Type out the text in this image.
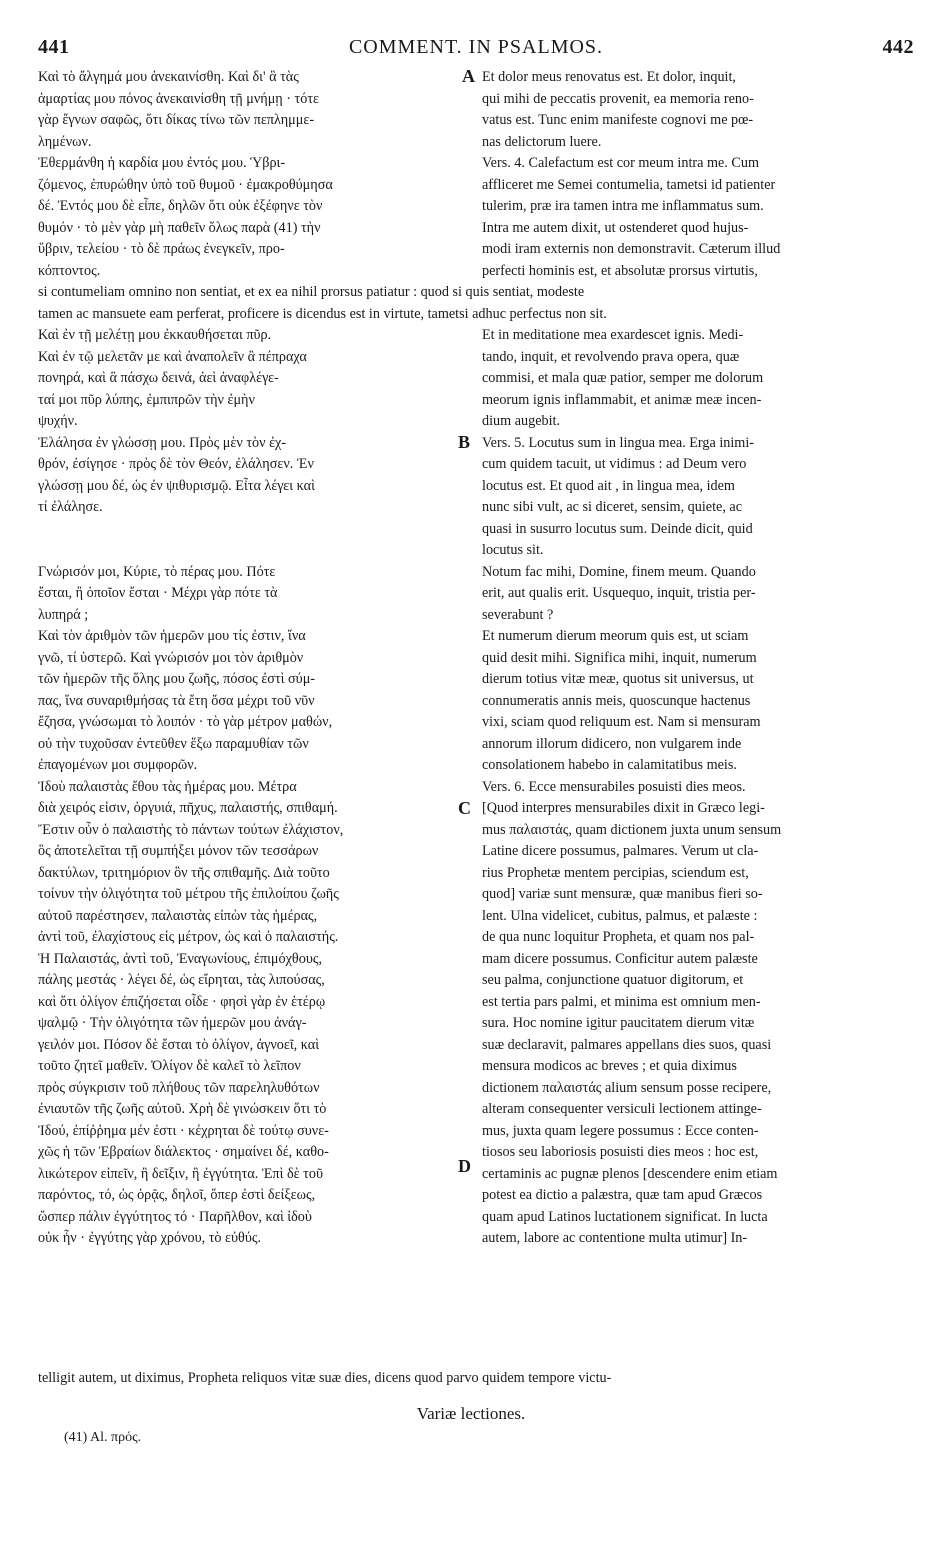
441	COMMENT. IN PSALMOS.	442
A
B
C
D
Καὶ τὸ ἄλγημά μου ἀνεκαινίσθη. Καὶ δι' ἃ τὰς
ἁμαρτίας μου πόνος ἀνεκαινίσθη τῇ μνήμῃ · τότε
γὰρ ἔγνων σαφῶς, ὅτι δίκας τίνω τῶν πεπλημμε-
λημένων.
Ἐθερμάνθη ἡ καρδία μου ἐντός μου. Ὑβρι-
ζόμενος, ἐπυρώθην ὑπὸ τοῦ θυμοῦ · ἐμακροθύμησα
δέ. Ἐντός μου δὲ εἶπε, δηλῶν ὅτι οὐκ ἐξέφηνε τὸν
θυμόν · τὸ μὲν γὰρ μὴ παθεῖν ὅλως παρὰ (41) τὴν
ὕβριν, τελείου · τὸ δὲ πράως ἐνεγκεῖν, προ-
κόπτοντος.
Et dolor meus renovatus est. Et dolor, inquit,
qui mihi de peccatis provenit, ea memoria reno-
vatus est. Tunc enim manifeste cognovi me pœ-
nas delictorum luere.
Vers. 4. Calefactum est cor meum intra me. Cum
affliceret me Semei contumelia, tametsi id patienter
tulerim, præ ira tamen intra me inflammatus sum.
Intra me autem dixit, ut ostenderet quod hujus-
modi iram externis non demonstravit. Cæterum illud
perfecti hominis est, et absolutæ prorsus virtutis,
si contumeliam omnino non sentiat, et ex ea nihil prorsus patiatur : quod si quis sentiat, modeste
tamen ac mansuete eam perferat, proficere is dicendus est in virtute, tametsi adhuc perfectus non sit.
Καὶ ἐν τῇ μελέτῃ μου ἐκκαυθήσεται πῦρ.
Καὶ ἐν τῷ μελετᾶν με καὶ ἀναπολεῖν ἃ πέπραχα
πονηρά, καὶ ἃ πάσχω δεινά, ἀεὶ ἀναφλέγε-
ταί μοι πῦρ λύπης, ἐμπιπρῶν τὴν ἐμὴν
ψυχήν.
Ἐλάλησα ἐν γλώσσῃ μου. Πρὸς μὲν τὸν ἐχ-
θρόν, ἐσίγησε · πρὸς δὲ τὸν Θεόν, ἐλάλησεν. Ἐν
γλώσσῃ μου δέ, ὡς ἐν ψιθυρισμῷ. Εἶτα λέγει καὶ
τί ἐλάλησε.
Γνώρισόν μοι, Κύριε, τὸ πέρας μου. Πότε
ἔσται, ἢ ὁποῖον ἔσται · Μέχρι γὰρ πότε τὰ
λυπηρά ;
Καὶ τὸν ἀριθμὸν τῶν ἡμερῶν μου τίς ἐστιν, ἵνα
γνῶ, τί ὑστερῶ. Καὶ γνώρισόν μοι τὸν ἀριθμὸν
τῶν ἡμερῶν τῆς ὅλης μου ζωῆς, πόσος ἐστὶ σύμ-
πας, ἵνα συναριθμήσας τὰ ἔτη ὅσα μέχρι τοῦ νῦν
ἔζησα, γνώσωμαι τὸ λοιπόν · τὸ γὰρ μέτρον μαθών,
οὐ τὴν τυχοῦσαν ἐντεῦθεν ἕξω παραμυθίαν τῶν
ἐπαγομένων μοι συμφορῶν.
Ἰδοὺ παλαιστὰς ἔθου τὰς ἡμέρας μου. Μέτρα
διὰ χειρός εἰσιν, ὀργυιά, πῆχυς, παλαιστής, σπιθαμή.
Ἔστιν οὖν ὁ παλαιστὴς τὸ πάντων τούτων ἐλάχιστον,
ὃς ἀποτελεῖται τῇ συμπήξει μόνον τῶν τεσσάρων
δακτύλων, τριτημόριον ὃν τῆς σπιθαμῆς. Διὰ τοῦτο
τοίνυν τὴν ὀλιγότητα τοῦ μέτρου τῆς ἐπιλοίπου ζωῆς
αὐτοῦ παρέστησεν, παλαιστὰς εἰπὼν τὰς ἡμέρας,
ἀντὶ τοῦ, ἐλαχίστους εἰς μέτρον, ὡς καὶ ὁ παλαιστής.
Ἡ Παλαιστάς, ἀντὶ τοῦ, Ἐναγωνίους, ἐπιμόχθους,
πάλης μεστάς · λέγει δέ, ὡς εἴρηται, τὰς λιπούσας,
καὶ ὅτι ὀλίγον ἐπιζήσεται οἶδε · φησὶ γὰρ ἐν ἑτέρῳ
ψαλμῷ · Τὴν ὀλιγότητα τῶν ἡμερῶν μου ἀνάγ-
γειλόν μοι. Πόσον δὲ ἔσται τὸ ὀλίγον, ἀγνοεῖ, καὶ
τοῦτο ζητεῖ μαθεῖν. Ὀλίγον δὲ καλεῖ τὸ λεῖπον
πρὸς σύγκρισιν τοῦ πλήθους τῶν παρεληλυθότων
ἐνιαυτῶν τῆς ζωῆς αὐτοῦ. Χρὴ δὲ γινώσκειν ὅτι τὸ
Ἰδού, ἐπίῤῥημα μέν ἐστι · κέχρηται δὲ τούτῳ συνε-
χῶς ἡ τῶν Ἑβραίων διάλεκτος · σημαίνει δέ, καθο-
λικώτερον εἰπεῖν, ἢ δεῖξιν, ἢ ἐγγύτητα. Ἐπὶ δὲ τοῦ
παρόντος, τό, ὡς ὁρᾷς, δηλοῖ, ὅπερ ἐστὶ δείξεως,
ὥσπερ πάλιν ἐγγύτητος τό · Παρῆλθον, καὶ ἰδοὺ
οὐκ ἦν · ἐγγύτης γὰρ χρόνου, τὸ εὐθύς.
Et in meditatione mea exardescet ignis. Medi-
tando, inquit, et revolvendo prava opera, quæ
commisi, et mala quæ patior, semper me dolorum
meorum ignis inflammabit, et animæ meæ incen-
dium augebit.
Vers. 5. Locutus sum in lingua mea. Erga inimi-
cum quidem tacuit, ut vidimus : ad Deum vero
locutus est. Et quod ait , in lingua mea, idem
nunc sibi vult, ac si diceret, sensim, quiete, ac
quasi in susurro locutus sum. Deinde dicit, quid
locutus sit.
Notum fac mihi, Domine, finem meum. Quando
erit, aut qualis erit. Usquequo, inquit, tristia per-
severabunt ?
Et numerum dierum meorum quis est, ut sciam
quid desit mihi. Significa mihi, inquit, numerum
dierum totius vitæ meæ, quotus sit universus, ut
connumeratis annis meis, quoscunque hactenus
vixi, sciam quod reliquum est. Nam si mensuram
annorum illorum didicero, non vulgarem inde
consolationem habebo in calamitatibus meis.
Vers. 6. Ecce mensurabiles posuisti dies meos.
[Quod interpres mensurabiles dixit in Græco legi-
mus παλαιστάς, quam dictionem juxta unum sensum
Latine dicere possumus, palmares. Verum ut cla-
rius Prophetæ mentem percipias, sciendum est,
quod] variæ sunt mensuræ, quæ manibus fieri so-
lent. Ulna videlicet, cubitus, palmus, et palæste :
de qua nunc loquitur Propheta, et quam nos pal-
mam dicere possumus. Conficitur autem palæste
seu palma, conjunctione quatuor digitorum, et
est tertia pars palmi, et minima est omnium men-
sura. Hoc nomine igitur paucitatem dierum vitæ
suæ declaravit, palmares appellans dies suos, quasi
mensura modicos ac breves ; et quia diximus
dictionem παλαιστάς alium sensum posse recipere,
alteram consequenter versiculi lectionem attinge-
mus, juxta quam legere possumus : Ecce conten-
tiosos seu laboriosis posuisti dies meos : hoc est,
certaminis ac pugnæ plenos [descendere enim etiam
potest ea dictio a palæstra, quæ tam apud Græcos
quam apud Latinos luctationem significat. In lucta
autem, labore ac contentione multa utimur] In-
telligit autem, ut diximus, Propheta reliquos vitæ suæ dies, dicens quod parvo quidem tempore victu-
Variæ lectiones.
(41) Al. πρός.
